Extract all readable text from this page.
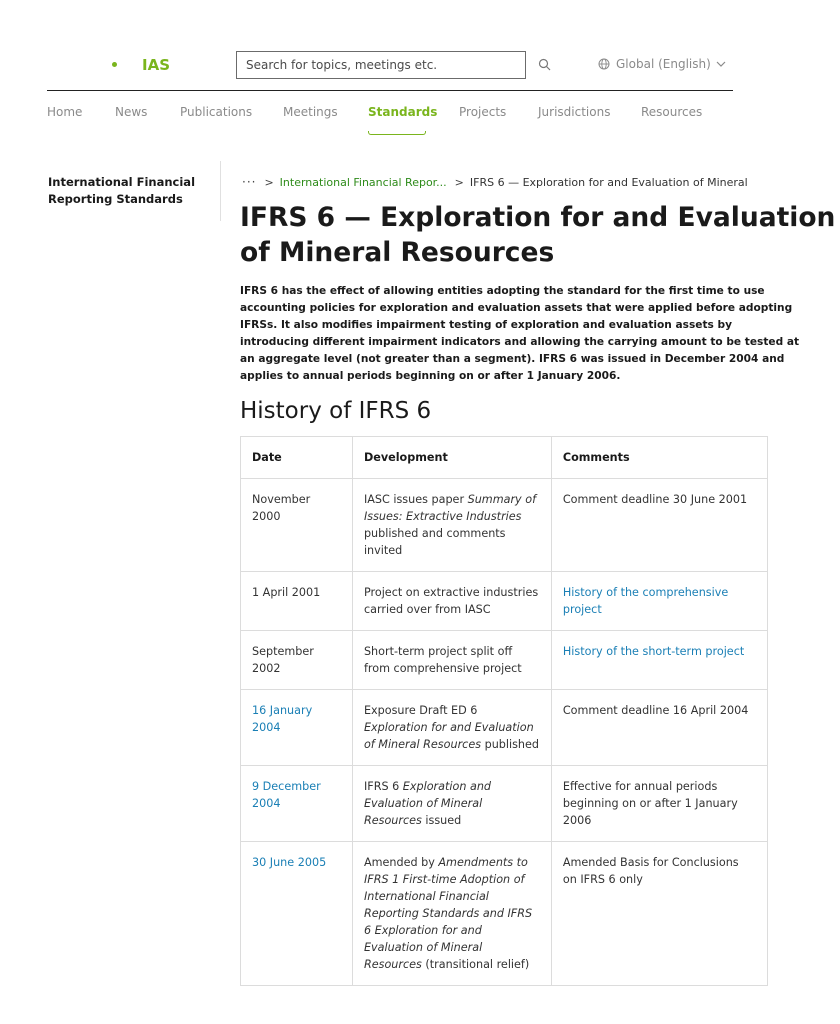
IAS
Search for topics, meetings etc.	Global (English)
Home	News	Publications	Meetings	Standards Projects	Jurisdictions	Resources
International Financial Reporting Standards
··· > International Financial Repor... > IFRS 6 — Exploration for and Evaluation of Mineral
IFRS 6 — Exploration for and Evaluation of Mineral Resources

IFRS 6 has the effect of allowing entities adopting the standard for the first time to use accounting policies for exploration and evaluation assets that were applied before adopting IFRSs. It also modifies impairment testing of exploration and evaluation assets by introducing different impairment indicators and allowing the carrying amount to be tested at an aggregate level (not greater than a segment). IFRS 6 was issued in December 2004 and applies to annual periods beginning on or after 1 January 2006.

History of IFRS 6
Date	Development	Comments
November 2000	IASC issues paper Summary of Issues: Extractive Industries published and comments invited	Comment deadline 30 June 2001
1 April 2001	Project on extractive industries carried over from IASC	History of the comprehensive project
September 2002	Short-term project split off from comprehensive project	History of the short-term project
16 January 2004	Exposure Draft ED 6 Exploration for and Evaluation of Mineral Resources published	Comment deadline 16 April 2004
9 December 2004	IFRS 6 Exploration and Evaluation of Mineral Resources issued	Effective for annual periods beginning on or after 1 January 2006
30 June 2005	Amended by Amendments to IFRS 1 First-time Adoption of International Financial Reporting Standards and IFRS 6 Exploration for and Evaluation of Mineral Resources (transitional relief)	Amended Basis for Conclusions on IFRS 6 only
